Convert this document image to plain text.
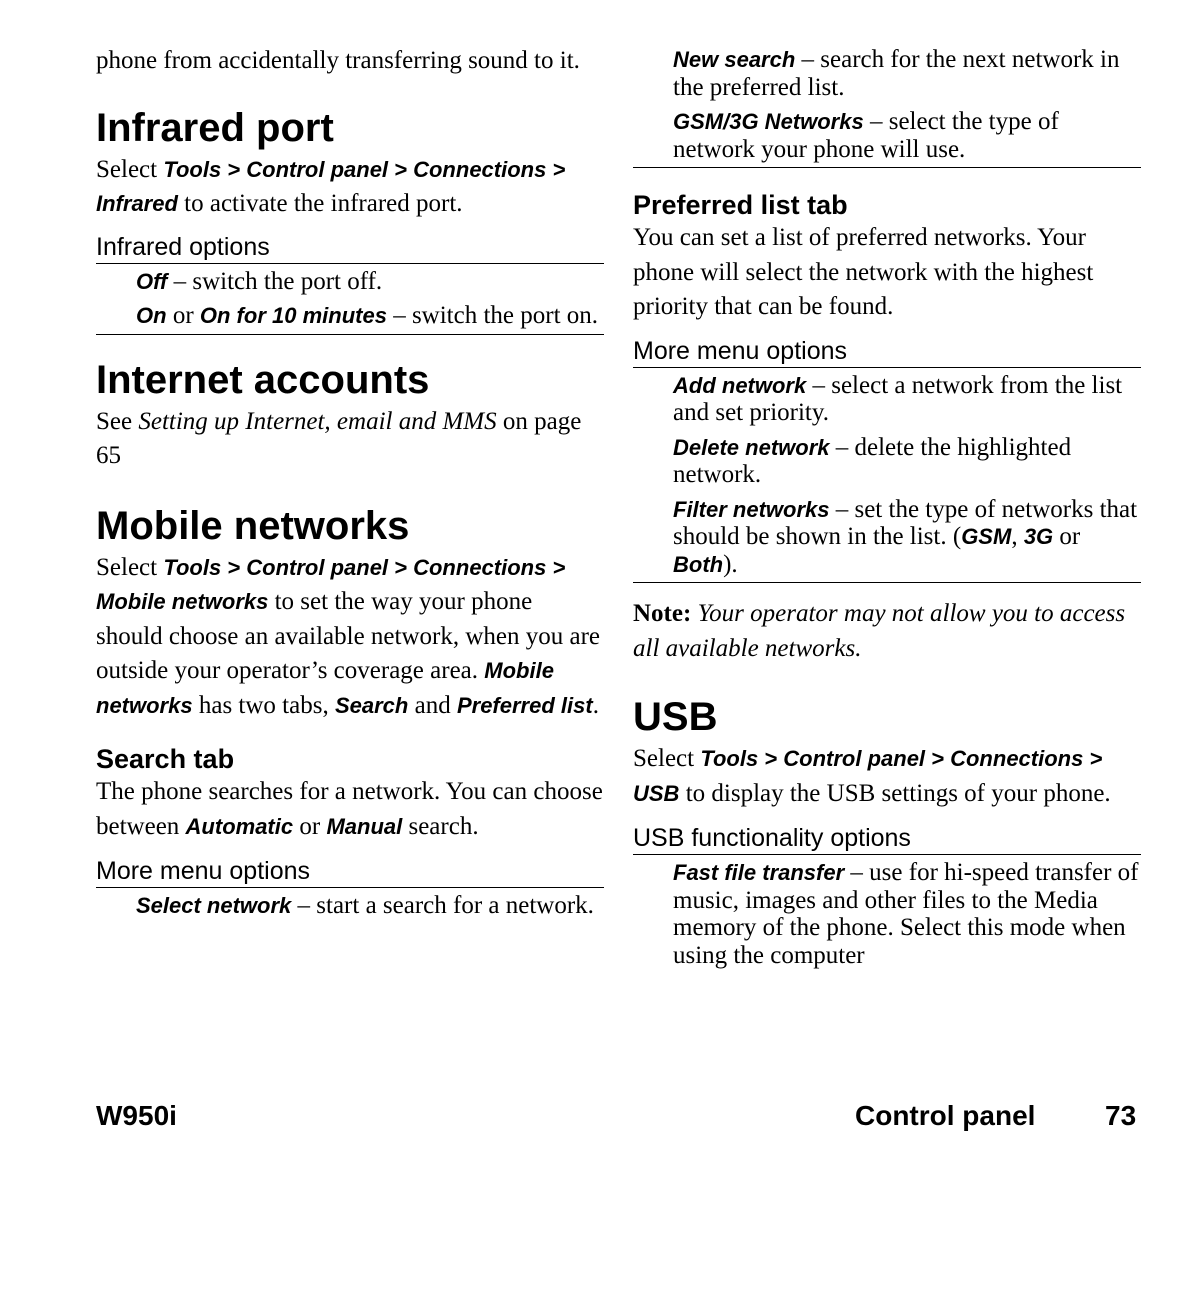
phone from accidentally transferring sound to it.

Infrared port

Select Tools > Control panel > Connections > Infrared to activate the infrared port.

Infrared options

Off – switch the port off.

On or On for 10 minutes – switch the port on.

Internet accounts

See Setting up Internet, email and MMS on page 65

Mobile networks

Select Tools > Control panel > Connections > Mobile networks to set the way your phone should choose an available network, when you are outside your operator’s coverage area. Mobile networks has two tabs, Search and Preferred list.

Search tab

The phone searches for a network. You can choose between Automatic or Manual search.

More menu options

Select network – start a search for a network.

New search – search for the next network in the preferred list.

GSM/3G Networks – select the type of network your phone will use.

Preferred list tab

You can set a list of preferred networks. Your phone will select the network with the highest priority that can be found.

More menu options

Add network – select a network from the list and set priority.

Delete network – delete the highlighted network.

Filter networks – set the type of networks that should be shown in the list. (GSM, 3G or Both).

Note: Your operator may not allow you to access all available networks.

USB

Select Tools > Control panel > Connections > USB to display the USB settings of your phone.

USB functionality options

Fast file transfer – use for hi-speed transfer of music, images and other files to the Media memory of the phone. Select this mode when using the computer

W950i	Control panel 73
